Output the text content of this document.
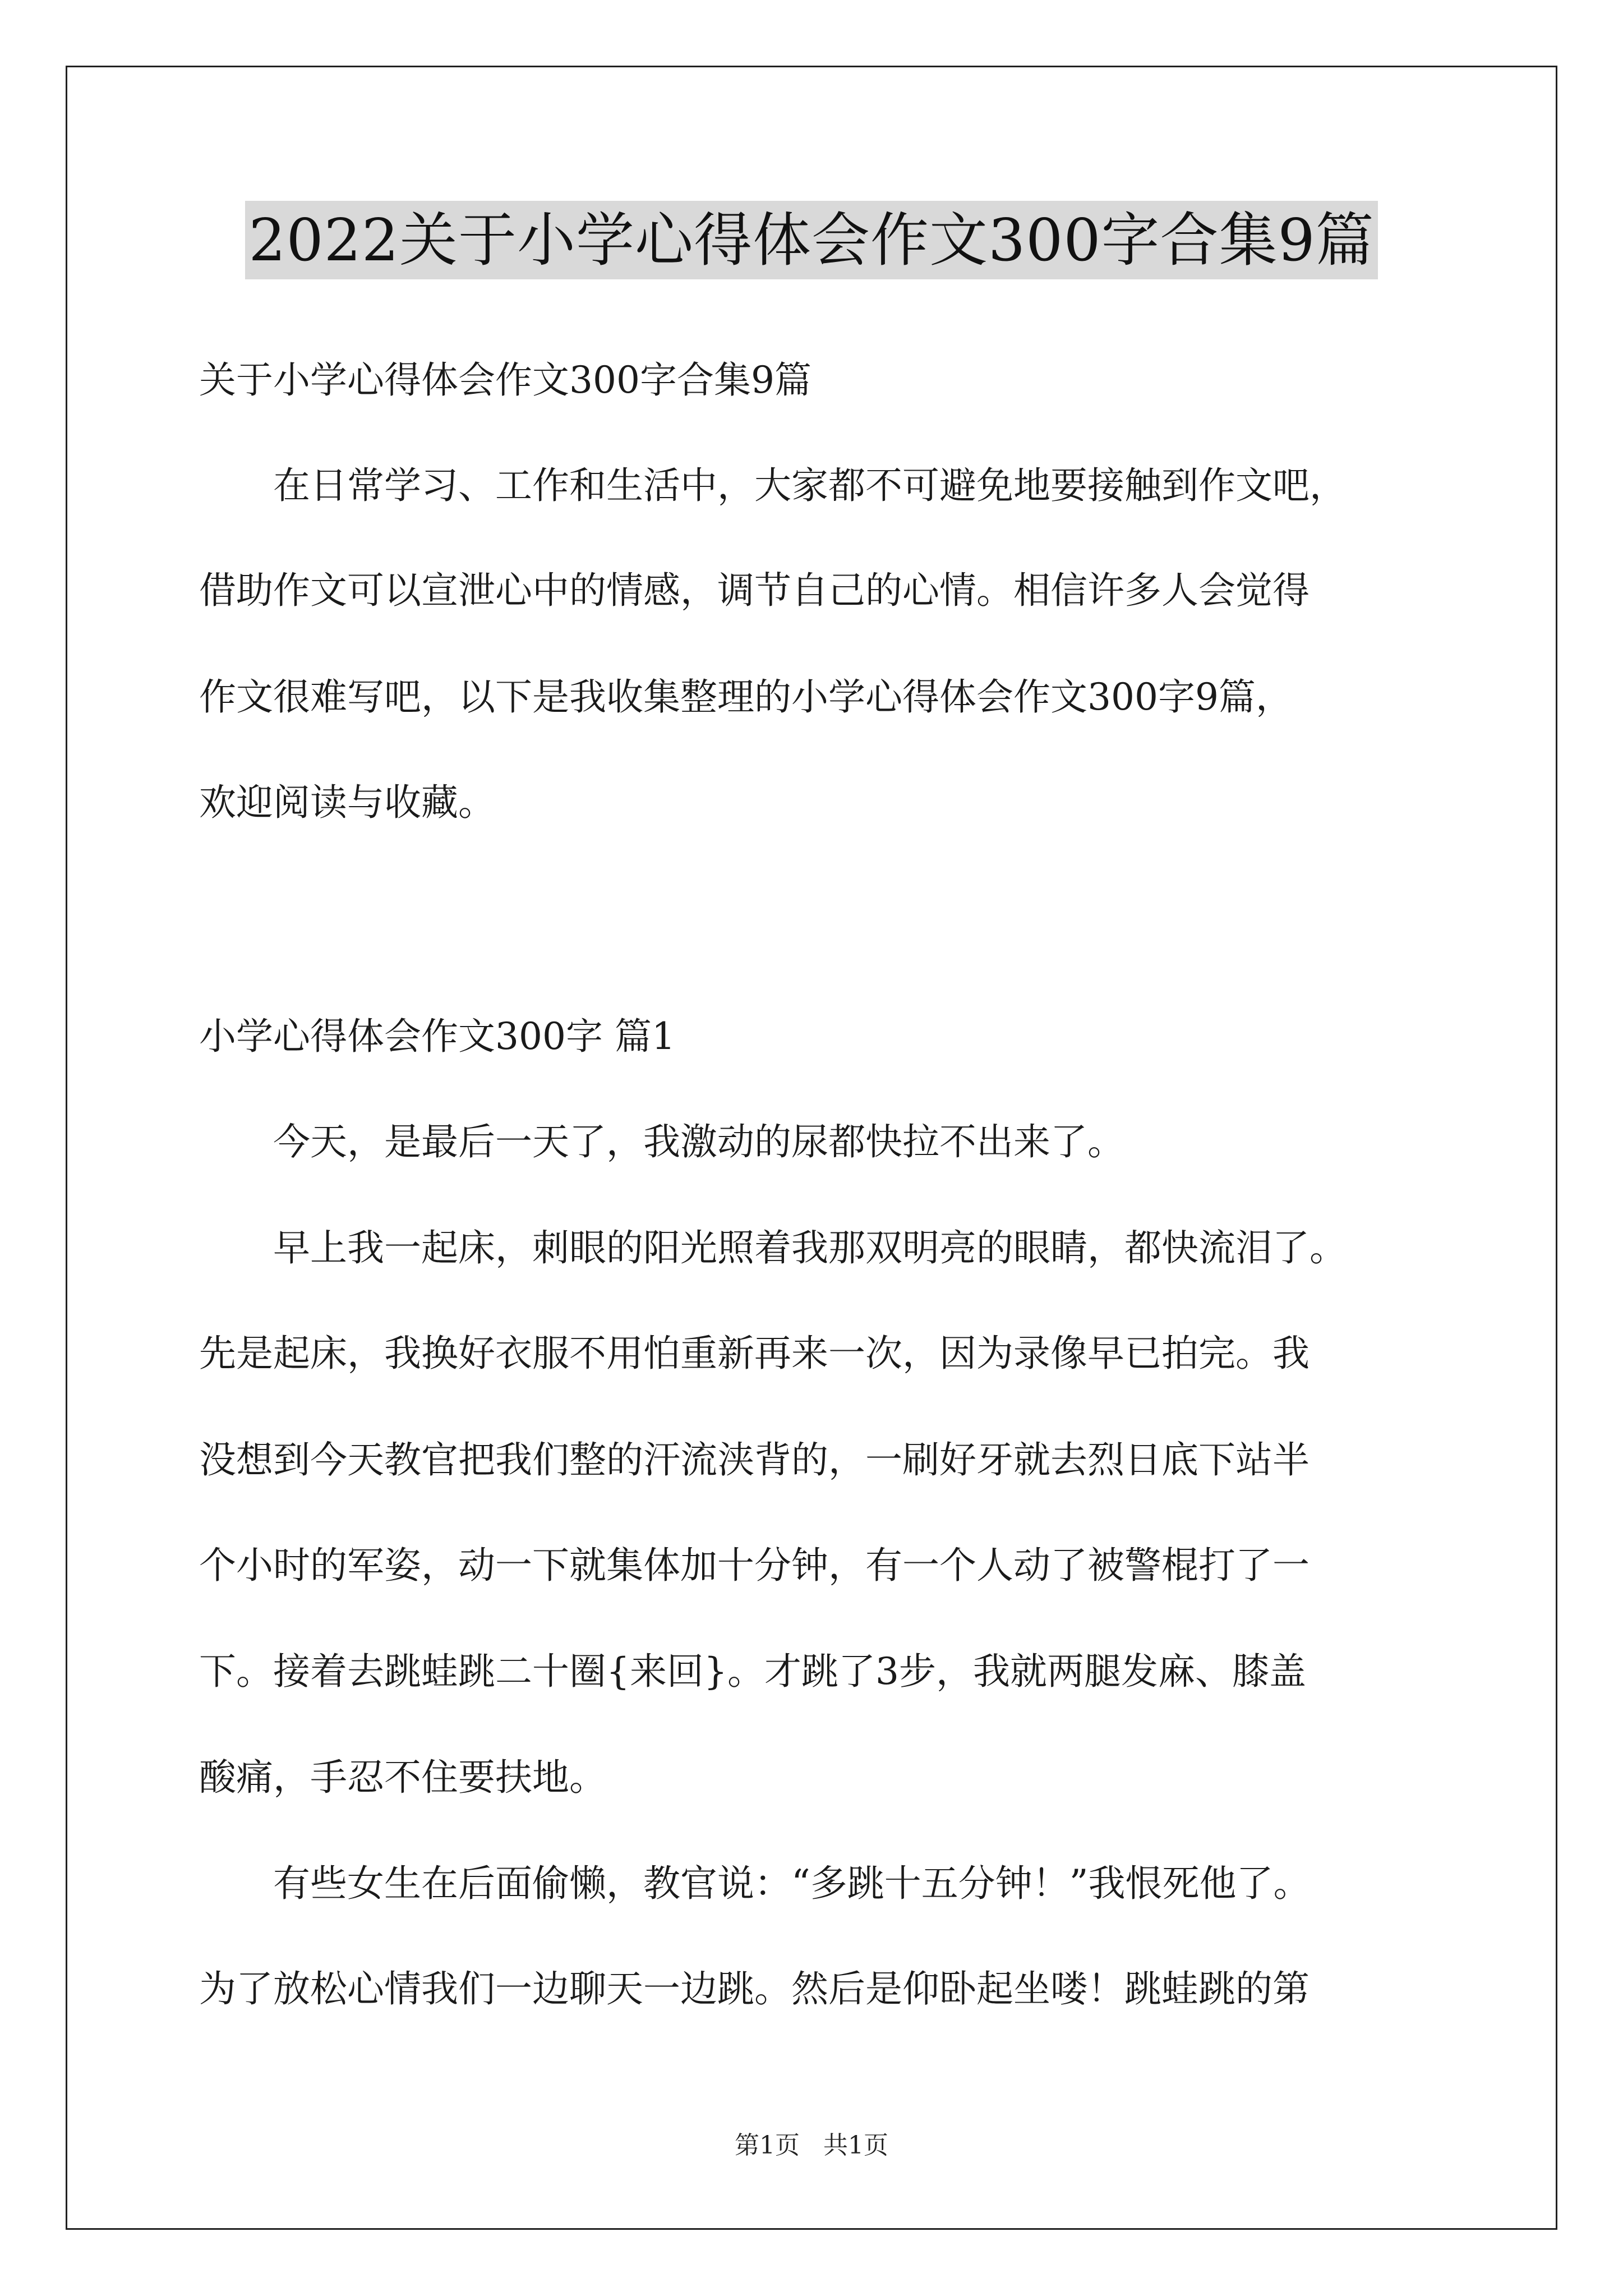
2022关于小学心得体会作文300字合集9篇

关于小学心得体会作文300字合集9篇

　　在日常学习、工作和生活中，大家都不可避免地要接触到作文吧，

借助作文可以宣泄心中的情感，调节自己的心情。相信许多人会觉得

作文很难写吧，以下是我收集整理的小学心得体会作文300字9篇，

欢迎阅读与收藏。

小学心得体会作文300字 篇1

　　今天，是最后一天了，我激动的尿都快拉不出来了。

　　早上我一起床，刺眼的阳光照着我那双明亮的眼睛，都快流泪了。

先是起床，我换好衣服不用怕重新再来一次，因为录像早已拍完。我

没想到今天教官把我们整的汗流浃背的，一刷好牙就去烈日底下站半

个小时的军姿，动一下就集体加十分钟，有一个人动了被警棍打了一

下。接着去跳蛙跳二十圈{来回}。才跳了3步，我就两腿发麻、膝盖

酸痛，手忍不住要扶地。

　　有些女生在后面偷懒，教官说：“多跳十五分钟！”我恨死他了。

为了放松心情我们一边聊天一边跳。然后是仰卧起坐喽！跳蛙跳的第

第1页 共1页
